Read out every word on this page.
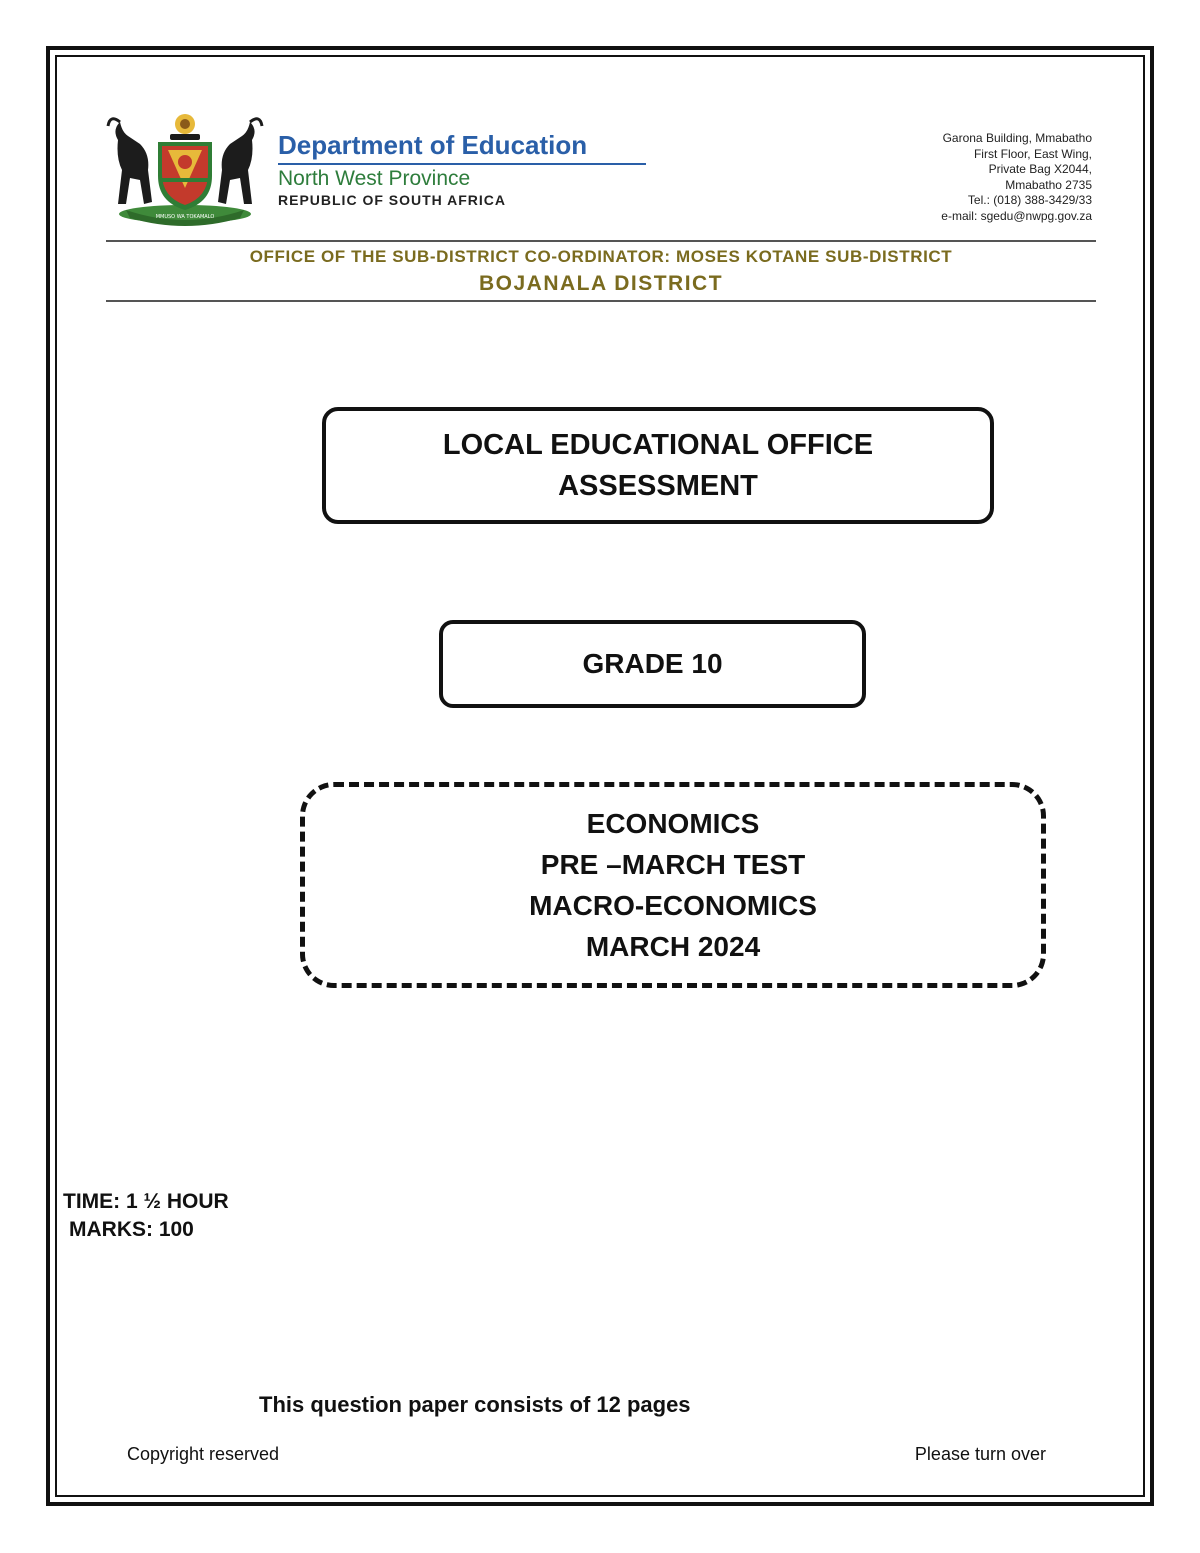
MMUSO WA TOKAMALO
Department of Education
North West Province
REPUBLIC OF SOUTH AFRICA
Garona Building, Mmabatho
First Floor, East Wing,
Private Bag X2044,
Mmabatho 2735
Tel.: (018) 388-3429/33
e-mail: sgedu@nwpg.gov.za
OFFICE OF THE SUB-DISTRICT CO-ORDINATOR: MOSES KOTANE SUB-DISTRICT
BOJANALA DISTRICT
LOCAL EDUCATIONAL OFFICE
ASSESSMENT
GRADE 10
ECONOMICS
PRE –MARCH TEST
MACRO-ECONOMICS
MARCH 2024
TIME: 1 ½ HOUR
MARKS: 100
This question paper consists of 12 pages
Copyright reserved	Please turn over
